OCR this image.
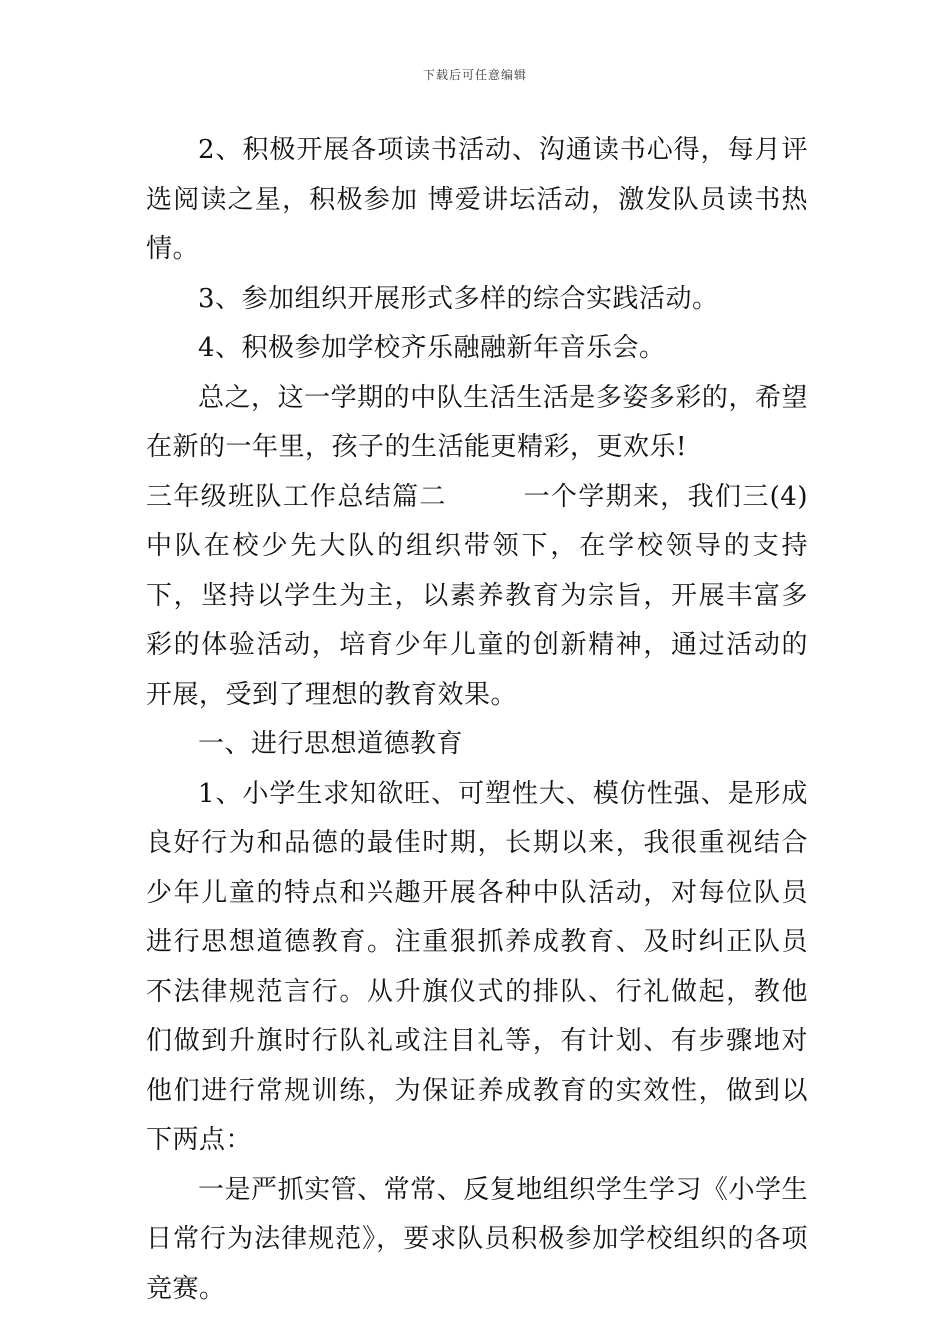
下载后可任意编辑

2、积极开展各项读书活动、沟通读书心得，每月评选阅读之星，积极参加 博爱讲坛活动，激发队员读书热情。

3、参加组织开展形式多样的综合实践活动。

4、积极参加学校齐乐融融新年音乐会。

总之，这一学期的中队生活生活是多姿多彩的，希望在新的一年里，孩子的生活能更精彩，更欢乐!

三年级班队工作总结篇二        一个学期来，我们三(4)中队在校少先大队的组织带领下，在学校领导的支持下，坚持以学生为主，以素养教育为宗旨，开展丰富多彩的体验活动，培育少年儿童的创新精神，通过活动的开展，受到了理想的教育效果。

一、进行思想道德教育

1、小学生求知欲旺、可塑性大、模仿性强、是形成良好行为和品德的最佳时期，长期以来，我很重视结合少年儿童的特点和兴趣开展各种中队活动，对每位队员进行思想道德教育。注重狠抓养成教育、及时纠正队员不法律规范言行。从升旗仪式的排队、行礼做起，教他们做到升旗时行队礼或注目礼等，有计划、有步骤地对他们进行常规训练，为保证养成教育的实效性，做到以下两点：

一是严抓实管、常常、反复地组织学生学习《小学生日常行为法律规范》，要求队员积极参加学校组织的各项竞赛。
